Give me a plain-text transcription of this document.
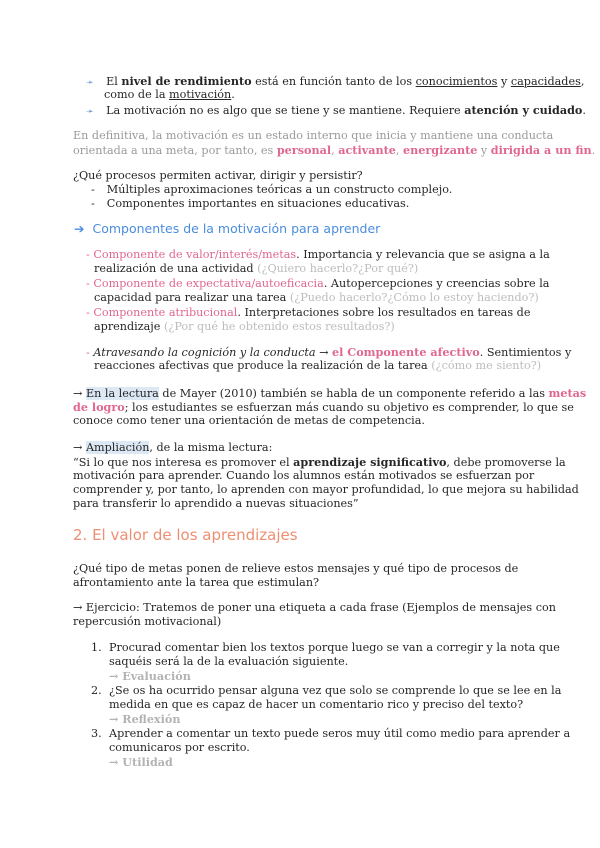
➛ El nivel de rendimiento está en función tanto de los conocimientos y capacidades,
como de la motivación.
➛ La motivación no es algo que se tiene y se mantiene. Requiere atención y cuidado.
En definitiva, la motivación es un estado interno que inicia y mantiene una conducta
orientada a una meta, por tanto, es personal, activante, energizante y dirigida a un fin.
¿Qué procesos permiten activar, dirigir y persistir?
- Múltiples aproximaciones teóricas a un constructo complejo.
- Componentes importantes en situaciones educativas.
➔ Componentes de la motivación para aprender
- Componente de valor/interés/metas. Importancia y relevancia que se asigna a la
realización de una actividad (¿Quiero hacerlo?¿Por qué?)
- Componente de expectativa/autoeficacia. Autopercepciones y creencias sobre la
capacidad para realizar una tarea (¿Puedo hacerlo?¿Cómo lo estoy haciendo?)
- Componente atribucional. Interpretaciones sobre los resultados en tareas de
aprendizaje (¿Por qué he obtenido estos resultados?)
- Atravesando la cognición y la conducta → el Componente afectivo. Sentimientos y
reacciones afectivas que produce la realización de la tarea (¿cómo me siento?)
→ En la lectura de Mayer (2010) también se habla de un componente referido a las metas
de logro; los estudiantes se esfuerzan más cuando su objetivo es comprender, lo que se
conoce como tener una orientación de metas de competencia.
→ Ampliación, de la misma lectura:
“Si lo que nos interesa es promover el aprendizaje significativo, debe promoverse la
motivación para aprender. Cuando los alumnos están motivados se esfuerzan por
comprender y, por tanto, lo aprenden con mayor profundidad, lo que mejora su habilidad
para transferir lo aprendido a nuevas situaciones”
2. El valor de los aprendizajes
¿Qué tipo de metas ponen de relieve estos mensajes y qué tipo de procesos de
afrontamiento ante la tarea que estimulan?
→ Ejercicio: Tratemos de poner una etiqueta a cada frase (Ejemplos de mensajes con
repercusión motivacional)
1. Procurad comentar bien los textos porque luego se van a corregir y la nota que
saquéis será la de la evaluación siguiente.
→ Evaluación
2. ¿Se os ha ocurrido pensar alguna vez que solo se comprende lo que se lee en la
medida en que es capaz de hacer un comentario rico y preciso del texto?
→ Reflexión
3. Aprender a comentar un texto puede seros muy útil como medio para aprender a
comunicaros por escrito.
→ Utilidad
